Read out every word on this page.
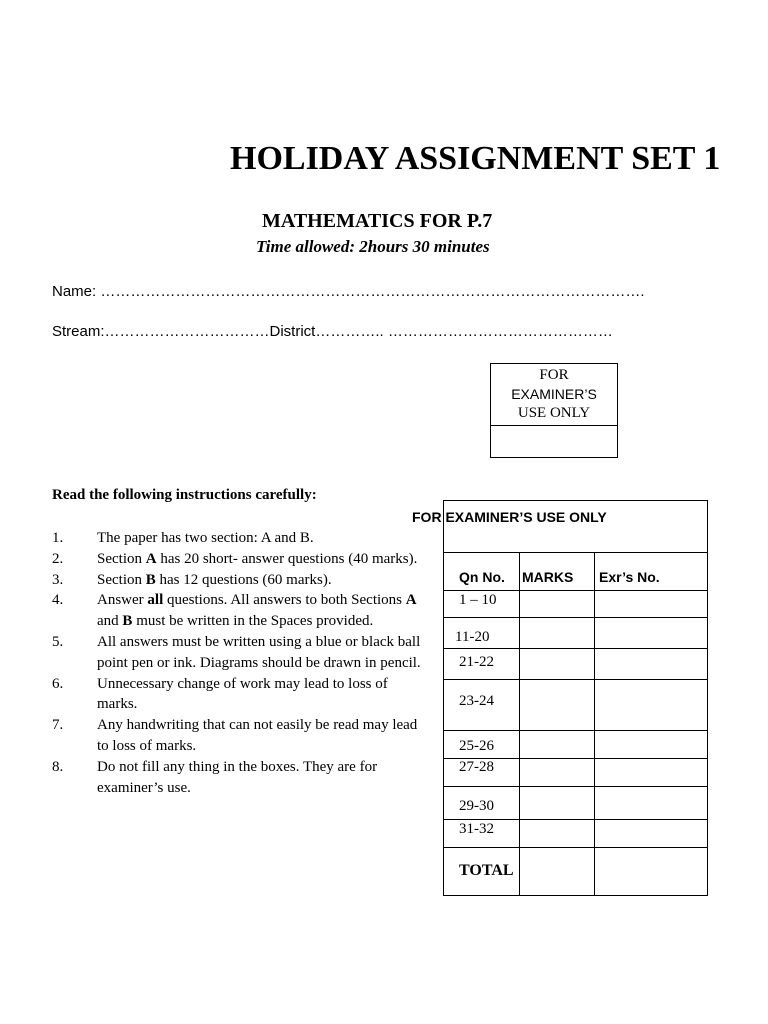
HOLIDAY ASSIGNMENT SET 1
MATHEMATICS FOR P.7
Time allowed: 2hours 30 minutes
Name: ……………………………………………………………………………………………….
Stream:……………………………District………….. ………………………………………
FOR
EXAMINER’S
USE ONLY
Read the following instructions carefully:
1.	The paper has two section: A and B.
2.	Section A has 20 short- answer questions (40 marks).
3.	Section B has 12 questions (60 marks).
4.	Answer all questions. All answers to both Sections A and B must be written in the Spaces provided.
5.	All answers must be written using a blue or black ball point pen or ink. Diagrams should be drawn in pencil.
6.	Unnecessary change of work may lead to loss of marks.
7.	Any handwriting that can not easily be read may lead to loss of marks.
8.	Do not fill any thing in the boxes. They are for examiner’s use.
FOR EXAMINER’S USE ONLY
Qn No. MARKS Exr’s No.
1 – 10
11-20
21-22
23-24
25-26
27-28
29-30
31-32
TOTAL
